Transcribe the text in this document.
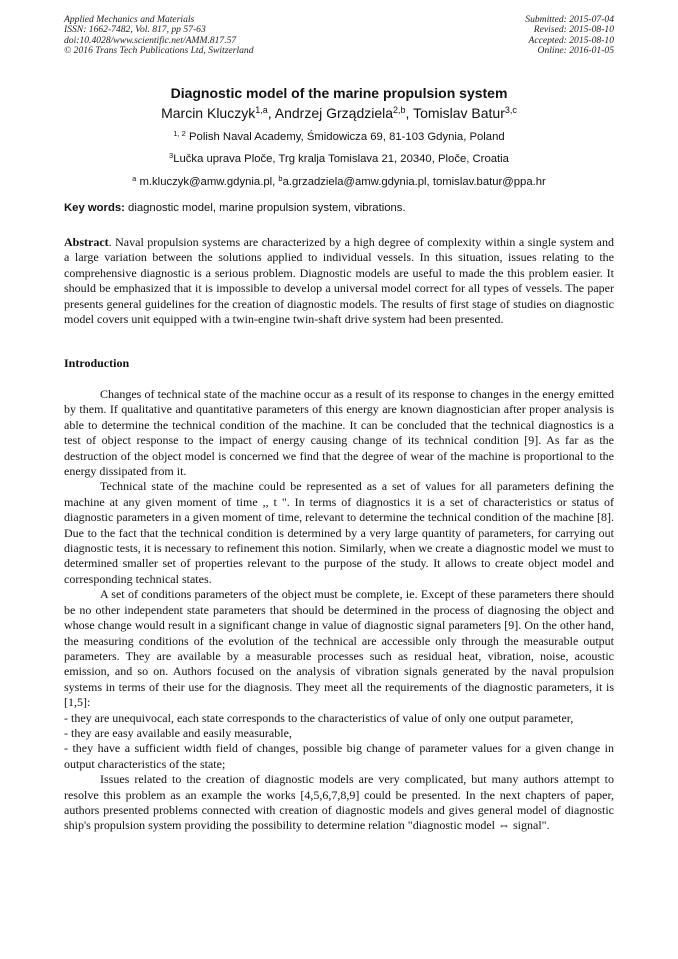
Applied Mechanics and Materials
ISSN: 1662-7482, Vol. 817, pp 57-63
doi:10.4028/www.scientific.net/AMM.817.57
© 2016 Trans Tech Publications Ltd, Switzerland
Submitted: 2015-07-04
Revised: 2015-08-10
Accepted: 2015-08-10
Online: 2016-01-05
Diagnostic model of the marine propulsion system
Marcin Kluczyk$^{1,a}$, Andrzej Grządziela$^{2,b}$, Tomislav Batur$^{3,c}$
$^{1, 2}$ Polish Naval Academy, Śmidowicza 69, 81-103 Gdynia, Poland
$^3$Lučka uprava Ploče, Trg kralja Tomislava 21, 20340, Ploče, Croatia
$^a$ m.kluczyk@amw.gdynia.pl, $^b$a.grzadziela@amw.gdynia.pl, tomislav.batur@ppa.hr
Key words: diagnostic model, marine propulsion system, vibrations.
Abstract. Naval propulsion systems are characterized by a high degree of complexity within a single system and a large variation between the solutions applied to individual vessels. In this situation, issues relating to the comprehensive diagnostic is a serious problem. Diagnostic models are useful to made the this problem easier. It should be emphasized that it is impossible to develop a universal model correct for all types of vessels. The paper presents general guidelines for the creation of diagnostic models. The results of first stage of studies on diagnostic model covers unit equipped with a twin-engine twin-shaft drive system had been presented.
Introduction

Changes of technical state of the machine occur as a result of its response to changes in the energy emitted by them. If qualitative and quantitative parameters of this energy are known diagnostician after proper analysis is able to determine the technical condition of the machine. It can be concluded that the technical diagnostics is a test of object response to the impact of energy causing change of its technical condition [9]. As far as the destruction of the object model is concerned we find that the degree of wear of the machine is proportional to the energy dissipated from it.

Technical state of the machine could be represented as a set of values for all parameters defining the machine at any given moment of time ,, t ". In terms of diagnostics it is a set of characteristics or status of diagnostic parameters in a given moment of time, relevant to determine the technical condition of the machine [8]. Due to the fact that the technical condition is determined by a very large quantity of parameters, for carrying out diagnostic tests, it is necessary to refinement this notion. Similarly, when we create a diagnostic model we must to determined smaller set of properties relevant to the purpose of the study. It allows to create object model and corresponding technical states.

A set of conditions parameters of the object must be complete, ie. Except of these parameters there should be no other independent state parameters that should be determined in the process of diagnosing the object and whose change would result in a significant change in value of diagnostic signal parameters [9]. On the other hand, the measuring conditions of the evolution of the technical are accessible only through the measurable output parameters. They are available by a measurable processes such as residual heat, vibration, noise, acoustic emission, and so on. Authors focused on the analysis of vibration signals generated by the naval propulsion systems in terms of their use for the diagnosis. They meet all the requirements of the diagnostic parameters, it is [1,5]:

- they are unequivocal, each state corresponds to the characteristics of value of only one output parameter,

- they are easy available and easily measurable,

- they have a sufficient width field of changes, possible big change of parameter values for a given change in output characteristics of the state;

Issues related to the creation of diagnostic models are very complicated, but many authors attempt to resolve this problem as an example the works [4,5,6,7,8,9] could be presented. In the next chapters of paper, authors presented problems connected with creation of diagnostic models and gives general model of diagnostic ship's propulsion system providing the possibility to determine relation "diagnostic model ⇔ signal".
